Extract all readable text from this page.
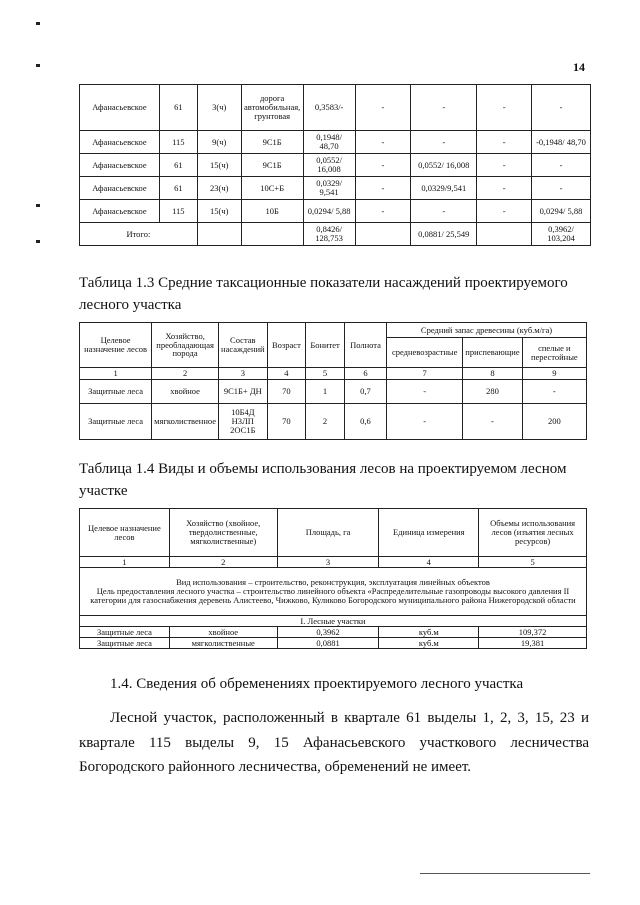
14
Афанасьевское	61	3(ч)	дорога автомобильная, грунтовая	0,3583/-	-	-	-	-
Афанасьевское	115	9(ч)	9С1Б	0,1948/ 48,70	-	-	-	-0,1948/ 48,70
Афанасьевское	61	15(ч)	9С1Б	0,0552/ 16,008	-	0,0552/ 16,008	-	-
Афанасьевское	61	23(ч)	10С+Б	0,0329/ 9,541	-	0,0329/9,541	-	-
Афанасьевское	115	15(ч)	10Б	0,0294/ 5,88	-	-	-	0,0294/ 5,88
Итого:				0,8426/ 128,753		0,0881/ 25,549		0,3962/ 103,204
Таблица 1.3 Средние таксационные показатели насаждений проектируемого лесного участка
Целевое назначение лесов	Хозяйство, преобладающая порода	Состав насаждений	Возраст	Бонитет	Полнота	Средний запас древесины (куб.м/га)		
						средневозрастные	приспевающие	спелые и перестойные
1	2	3	4	5	6	7	8	9
Защитные леса	хвойное	9С1Б+ ДН	70	1	0,7	-	280	-
Защитные леса	мягколиственное	10Б4Д Н3ЛП 2ОС1Б	70	2	0,6	-	-	200
Таблица 1.4 Виды и объемы использования лесов на проектируемом лесном участке
Целевое назначение лесов	Хозяйство (хвойное, твердолиственные, мягколиственные)	Площадь, га	Единица измерения	Объемы использования лесов (изъятия лесных ресурсов)
1	2	3	4	5

Вид использования – строительство, реконструкция, эксплуатация линейных объектов
Цель предоставления лесного участка – строительство линейного объекта «Распределительные газопроводы высокого давления II категории для газоснабжения деревень Алистеево, Чижково, Куликово Богородского муниципального района Нижегородской области				

I. Лесные участки				
Защитные леса	хвойное	0,3962	куб.м	109,372
Защитные леса	мягколиственные	0,0881	куб.м	19,381
1.4. Сведения об обременениях проектируемого лесного участка
Лесной участок, расположенный в квартале 61 выделы 1, 2, 3, 15, 23 и квартале 115 выделы 9, 15 Афанасьевского участкового лесничества Богородского районного лесничества, обременений не имеет.
